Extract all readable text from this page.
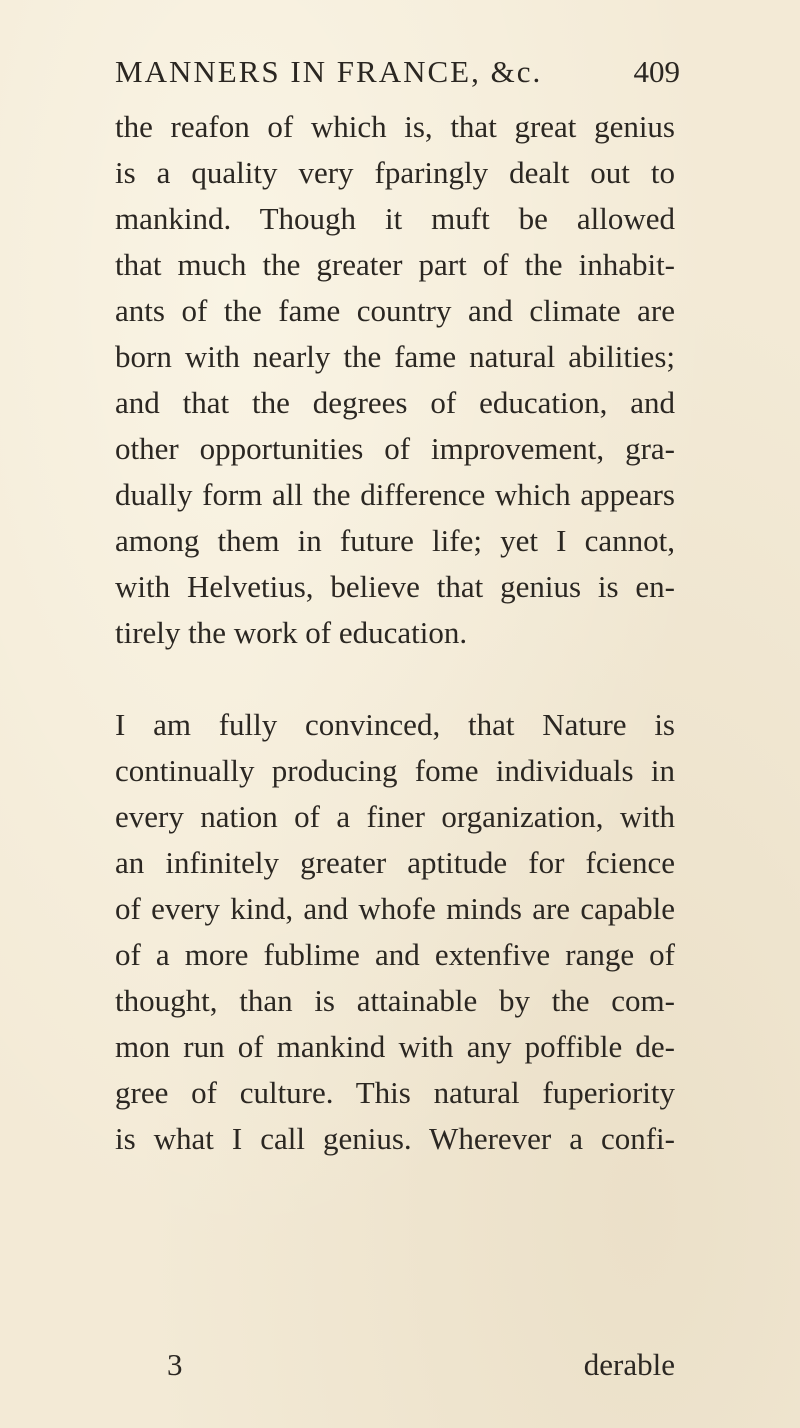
MANNERS IN FRANCE, &c.	409
the reafon of which is, that great genius
is a quality very fparingly dealt out to
mankind. Though it muft be allowed
that much the greater part of the inhabit-
ants of the fame country and climate are
born with nearly the fame natural abilities;
and that the degrees of education, and
other opportunities of improvement, gra-
dually form all the difference which appears
among them in future life; yet I cannot,
with Helvetius, believe that genius is en-
tirely the work of education.
I am fully convinced, that Nature is
continually producing fome individuals in
every nation of a finer organization, with
an infinitely greater aptitude for fcience
of every kind, and whofe minds are capable
of a more fublime and extenfive range of
thought, than is attainable by the com-
mon run of mankind with any poffible de-
gree of culture. This natural fuperiority
is what I call genius. Wherever a confi-
3	derable
